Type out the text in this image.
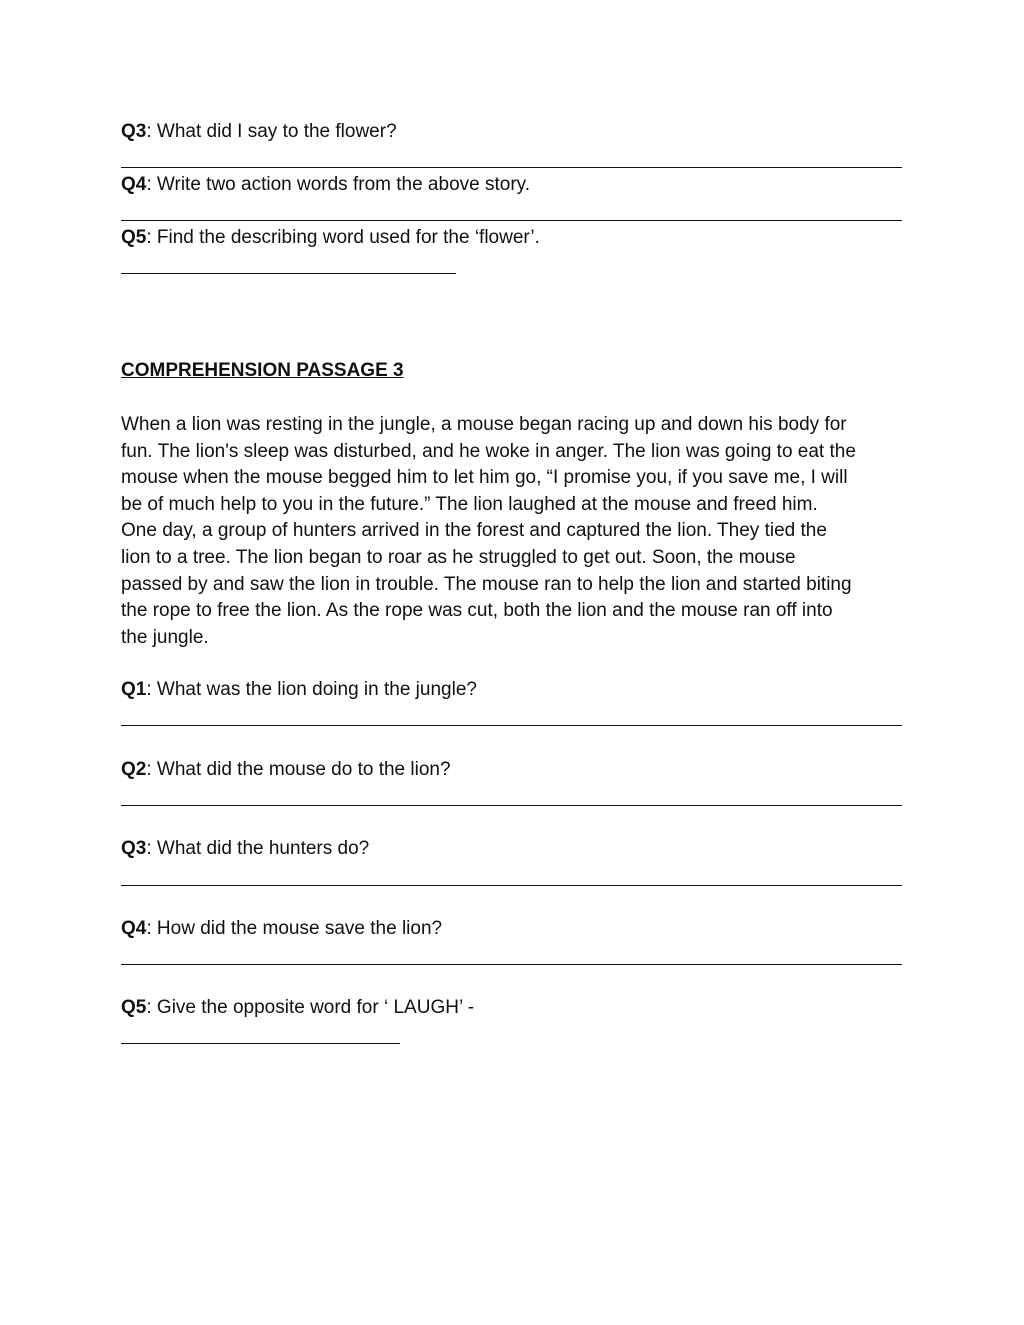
Q3: What did I say to the flower?
Q4: Write two action words from the above story.
Q5: Find the describing word used for the ‘flower’.
COMPREHENSION PASSAGE 3

When a lion was resting in the jungle, a mouse began racing up and down his body for

fun. The lion's sleep was disturbed, and he woke in anger. The lion was going to eat the

mouse when the mouse begged him to let him go, “I promise you, if you save me, I will

be of much help to you in the future.” The lion laughed at the mouse and freed him.

One day, a group of hunters arrived in the forest and captured the lion. They tied the

lion to a tree. The lion began to roar as he struggled to get out. Soon, the mouse

passed by and saw the lion in trouble. The mouse ran to help the lion and started biting

the rope to free the lion. As the rope was cut, both the lion and the mouse ran off into

the jungle.

Q1: What was the lion doing in the jungle?
Q2: What did the mouse do to the lion?
Q3: What did the hunters do?
Q4: How did the mouse save the lion?
Q5: Give the opposite word for ‘ LAUGH’ -
